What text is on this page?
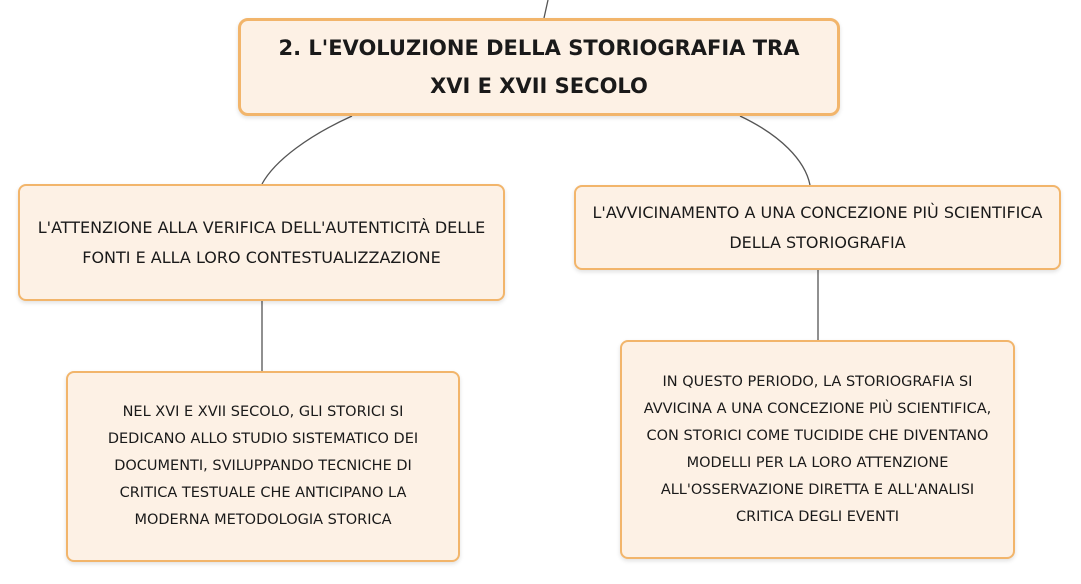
2. L'EVOLUZIONE DELLA STORIOGRAFIA TRA XVI E XVII SECOLO
L'ATTENZIONE ALLA VERIFICA DELL'AUTENTICITÀ DELLE FONTI E ALLA LORO CONTESTUALIZZAZIONE
L'AVVICINAMENTO A UNA CONCEZIONE PIÙ SCIENTIFICA DELLA STORIOGRAFIA
NEL XVI E XVII SECOLO, GLI STORICI SI DEDICANO ALLO STUDIO SISTEMATICO DEI DOCUMENTI, SVILUPPANDO TECNICHE DI CRITICA TESTUALE CHE ANTICIPANO LA MODERNA METODOLOGIA STORICA
IN QUESTO PERIODO, LA STORIOGRAFIA SI AVVICINA A UNA CONCEZIONE PIÙ SCIENTIFICA, CON STORICI COME TUCIDIDE CHE DIVENTANO MODELLI PER LA LORO ATTENZIONE ALL'OSSERVAZIONE DIRETTA E ALL'ANALISI CRITICA DEGLI EVENTI
